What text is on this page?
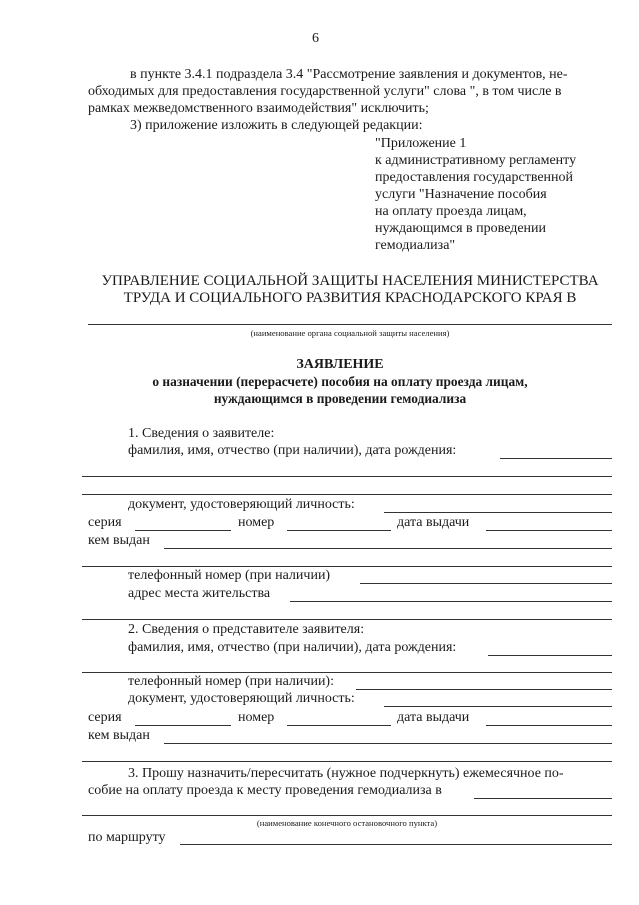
6
в пункте 3.4.1 подраздела 3.4 "Рассмотрение заявления и документов, не-
обходимых для предоставления государственной услуги" слова ", в том числе в
рамках межведомственного взаимодействия" исключить;
3) приложение изложить в следующей редакции:
"Приложение 1
к административному регламенту
предоставления государственной
услуги "Назначение пособия
на оплату проезда лицам,
нуждающимся в проведении
гемодиализа"
УПРАВЛЕНИЕ СОЦИАЛЬНОЙ ЗАЩИТЫ НАСЕЛЕНИЯ МИНИСТЕРСТВА
ТРУДА И СОЦИАЛЬНОГО РАЗВИТИЯ КРАСНОДАРСКОГО КРАЯ В
(наименование органа социальной защиты населения)
ЗАЯВЛЕНИЕ
о назначении (перерасчете) пособия на оплату проезда лицам,
нуждающимся в проведении гемодиализа
1. Сведения о заявителе:
фамилия, имя, отчество (при наличии), дата рождения:
документ, удостоверяющий личность:
серия	номер	дата выдачи
кем выдан
телефонный номер (при наличии)
адрес места жительства
2. Сведения о представителе заявителя:
фамилия, имя, отчество (при наличии), дата рождения:
телефонный номер (при наличии):
документ, удостоверяющий личность:
серия	номер	дата выдачи
кем выдан
3. Прошу назначить/пересчитать (нужное подчеркнуть) ежемесячное по-
собие на оплату проезда к месту проведения гемодиализа в
(наименование конечного остановочного пункта)
по маршруту
